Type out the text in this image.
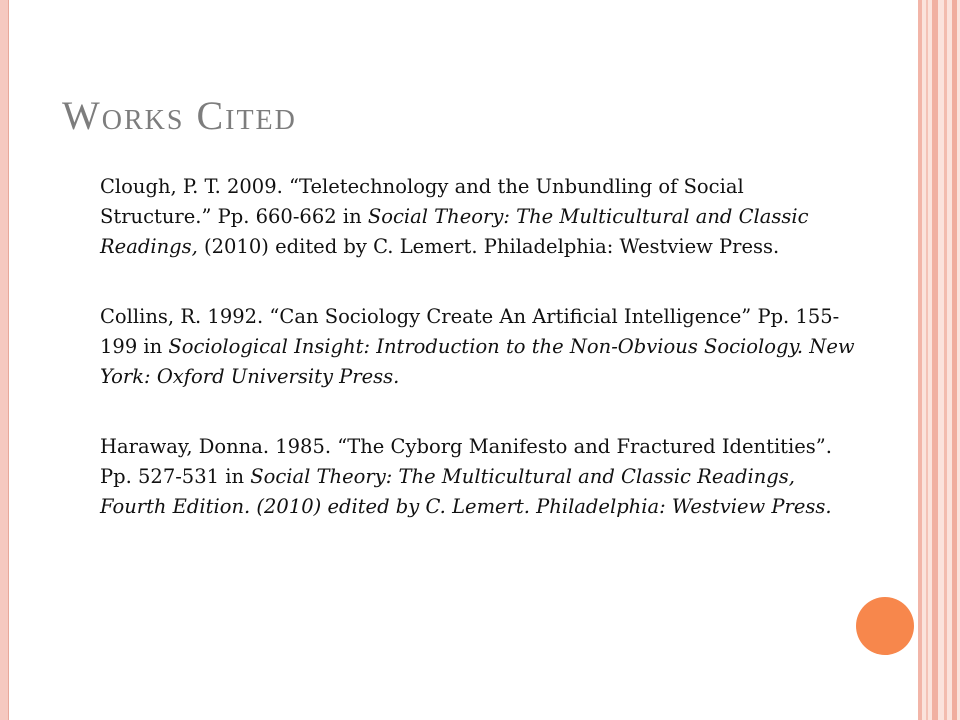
Works Cited

Clough, P. T. 2009. “Teletechnology and the Unbundling of Social Structure.” Pp. 660-662 in Social Theory: The Multicultural and Classic Readings, (2010) edited by C. Lemert. Philadelphia: Westview Press.

Collins, R. 1992. “Can Sociology Create An Artificial Intelligence” Pp. 155-199 in Sociological Insight: Introduction to the Non-Obvious Sociology. New York: Oxford University Press.

Haraway, Donna. 1985. “The Cyborg Manifesto and Fractured Identities”. Pp. 527-531 in Social Theory: The Multicultural and Classic Readings, Fourth Edition. (2010) edited by C. Lemert. Philadelphia: Westview Press.
